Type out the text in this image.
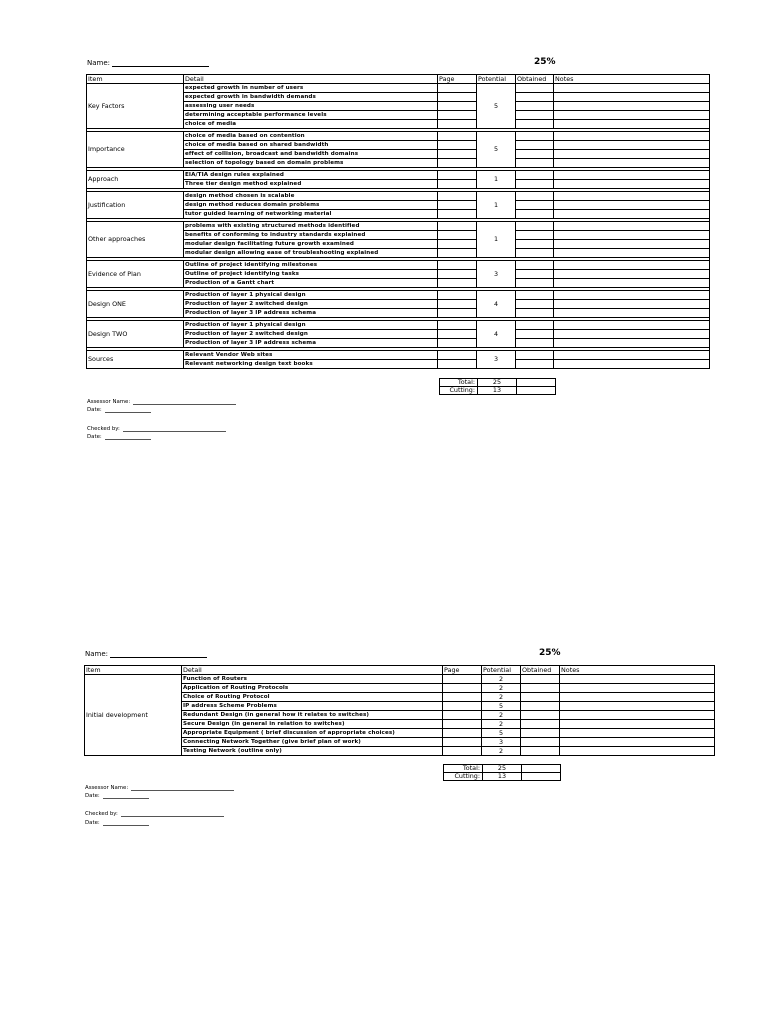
Name:	25%
Item	Detail	Page	Potential	Obtained	Notes
Key Factors	expected growth in number of users		5		
	expected growth in bandwidth demands				
	assessing user needs				
	determining acceptable performance levels				
	choice of media				

Importance	choice of media based on contention		5		
	choice of media based on shared bandwidth				
	effect of collision, broadcast and bandwidth domains				
	selection of topology based on domain problems				

Approach	EIA/TIA design rules explained		1		
	Three tier design method explained				

Justification	design method chosen is scalable		1		
	design method reduces domain problems				
	tutor guided learning of networking material				

Other approaches	problems with existing structured methods identified		1		
	benefits of conforming to industry standards explained				
	modular design facilitating future growth examined				
	modular design allowing ease of troubleshooting explained				

Evidence of Plan	Outline of project identifying milestones		3		
	Outline of project identifying tasks				
	Production of a Gantt chart				

Design ONE	Production of layer 1 physical design		4		
	Production of layer 2 switched design				
	Production of layer 3 IP address schema				

Design TWO	Production of layer 1 physical design		4		
	Production of layer 2 switched design				
	Production of layer 3 IP address schema				

Sources	Relevant Vendor Web sites		3		
	Relevant networking design text books				
Total:	25	
Cutting:	13	
Assessor Name:
Date:
Checked by:
Date:
Name:	25%
Item	Detail	Page	Potential	Obtained	Notes
Initial development	Function of Routers		2		
	Application of Routing Protocols		2		
	Choice of Routing Protocol		2		
	IP address Scheme Problems		5		
	Redundant Design (in general how it relates to switches)		2		
	Secure Design (in general in relation to switches)		2		
	Appropriate Equipment ( brief discussion of appropriate choices)		5		
	Connecting Network Together (give brief plan of work)		3		
	Testing Network (outline only)		2		
Total:	25	
Cutting:	13	
Assessor Name:
Date:
Checked by:
Date:
